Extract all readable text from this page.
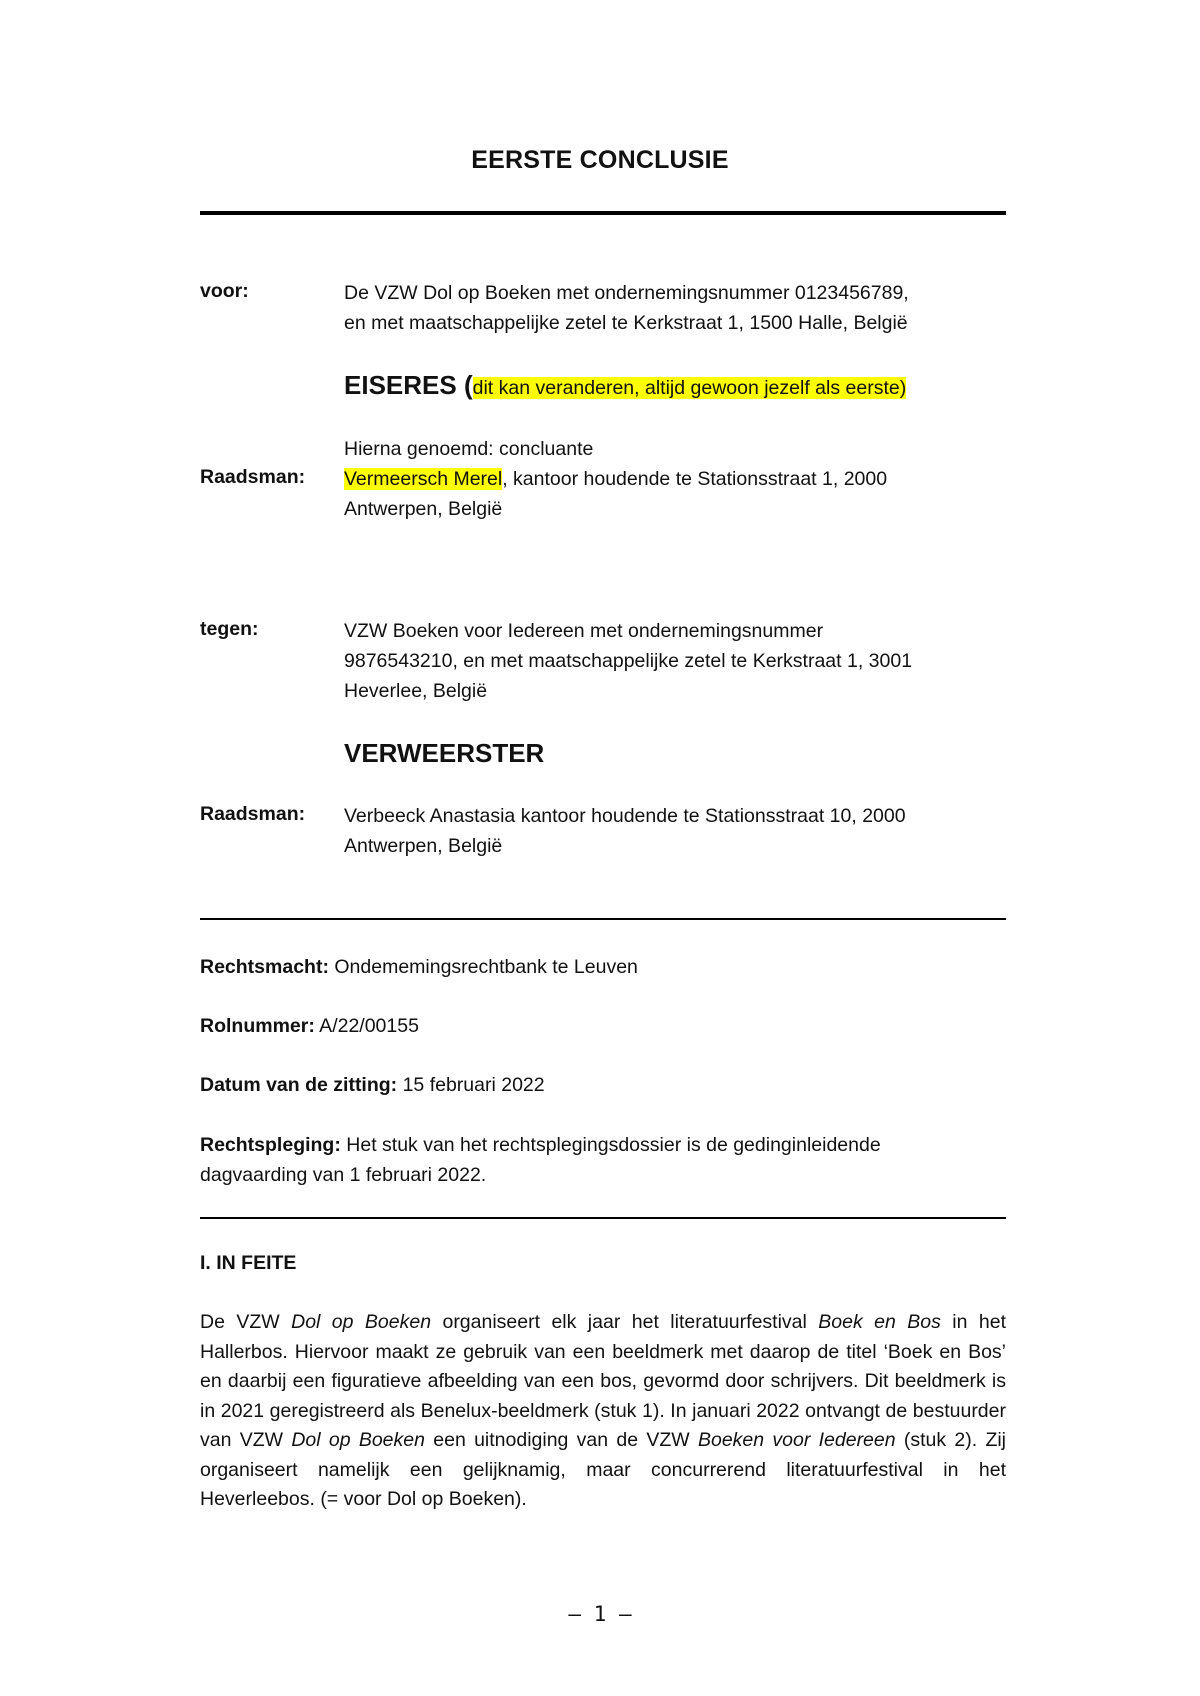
EERSTE CONCLUSIE
voor:	De VZW Dol op Boeken met ondernemingsnummer 0123456789,
en met maatschappelijke zetel te Kerkstraat 1, 1500 Halle, België
EISERES (dit kan veranderen, altijd gewoon jezelf als eerste)
Hierna genoemd: concluante
Raadsman: Vermeersch Merel, kantoor houdende te Stationsstraat 1, 2000
Antwerpen, België
tegen:	VZW Boeken voor Iedereen met ondernemingsnummer
9876543210, en met maatschappelijke zetel te Kerkstraat 1, 3001
Heverlee, België
VERWEERSTER
Raadsman: Verbeeck Anastasia kantoor houdende te Stationsstraat 10, 2000
Antwerpen, België
Rechtsmacht: Ondememingsrechtbank te Leuven
Rolnummer: A/22/00155
Datum van de zitting: 15 februari 2022
Rechtspleging: Het stuk van het rechtsplegingsdossier is de gedinginleidende
dagvaarding van 1 februari 2022.
I. IN FEITE
De VZW Dol op Boeken organiseert elk jaar het literatuurfestival Boek en Bos in het Hallerbos. Hiervoor maakt ze gebruik van een beeldmerk met daarop de titel ‘Boek en Bos’ en daarbij een figuratieve afbeelding van een bos, gevormd door schrijvers. Dit beeldmerk is in 2021 geregistreerd als Benelux-beeldmerk (stuk 1). In januari 2022 ontvangt de bestuurder van VZW Dol op Boeken een uitnodiging van de VZW Boeken voor Iedereen (stuk 2). Zij organiseert namelijk een gelijknamig, maar concurrerend literatuurfestival in het Heverleebos. (= voor Dol op Boeken).
– 1 –
